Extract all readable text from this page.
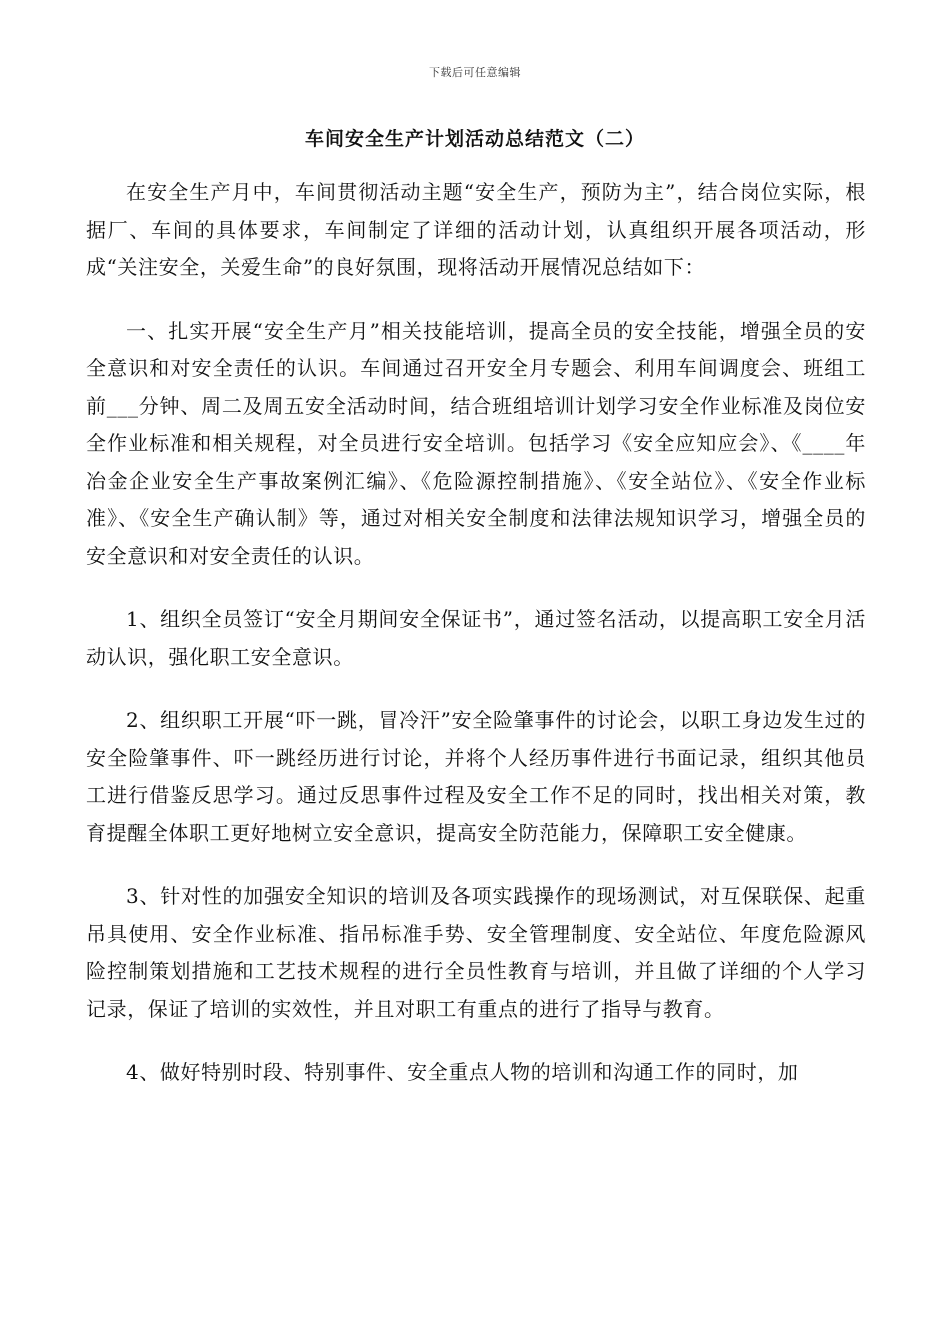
下载后可任意编辑
车间安全生产计划活动总结范文（二）

在安全生产月中，车间贯彻活动主题“安全生产，预防为主”，结合岗位实际，根据厂、车间的具体要求，车间制定了详细的活动计划，认真组织开展各项活动，形成“关注安全，关爱生命”的良好氛围，现将活动开展情况总结如下：

一、扎实开展“安全生产月”相关技能培训，提高全员的安全技能，增强全员的安全意识和对安全责任的认识。车间通过召开安全月专题会、利用车间调度会、班组工前___分钟、周二及周五安全活动时间，结合班组培训计划学习安全作业标准及岗位安全作业标准和相关规程，对全员进行安全培训。包括学习《安全应知应会》、《____年冶金企业安全生产事故案例汇编》、《危险源控制措施》、《安全站位》、《安全作业标准》、《安全生产确认制》等，通过对相关安全制度和法律法规知识学习，增强全员的安全意识和对安全责任的认识。

1、组织全员签订“安全月期间安全保证书”，通过签名活动，以提高职工安全月活动认识，强化职工安全意识。

2、组织职工开展“吓一跳，冒冷汗”安全险肇事件的讨论会，以职工身边发生过的安全险肇事件、吓一跳经历进行讨论，并将个人经历事件进行书面记录，组织其他员工进行借鉴反思学习。通过反思事件过程及安全工作不足的同时，找出相关对策，教育提醒全体职工更好地树立安全意识，提高安全防范能力，保障职工安全健康。

3、针对性的加强安全知识的培训及各项实践操作的现场测试，对互保联保、起重吊具使用、安全作业标准、指吊标准手势、安全管理制度、安全站位、年度危险源风险控制策划措施和工艺技术规程的进行全员性教育与培训，并且做了详细的个人学习记录，保证了培训的实效性，并且对职工有重点的进行了指导与教育。

4、做好特别时段、特别事件、安全重点人物的培训和沟通工作的同时，加
